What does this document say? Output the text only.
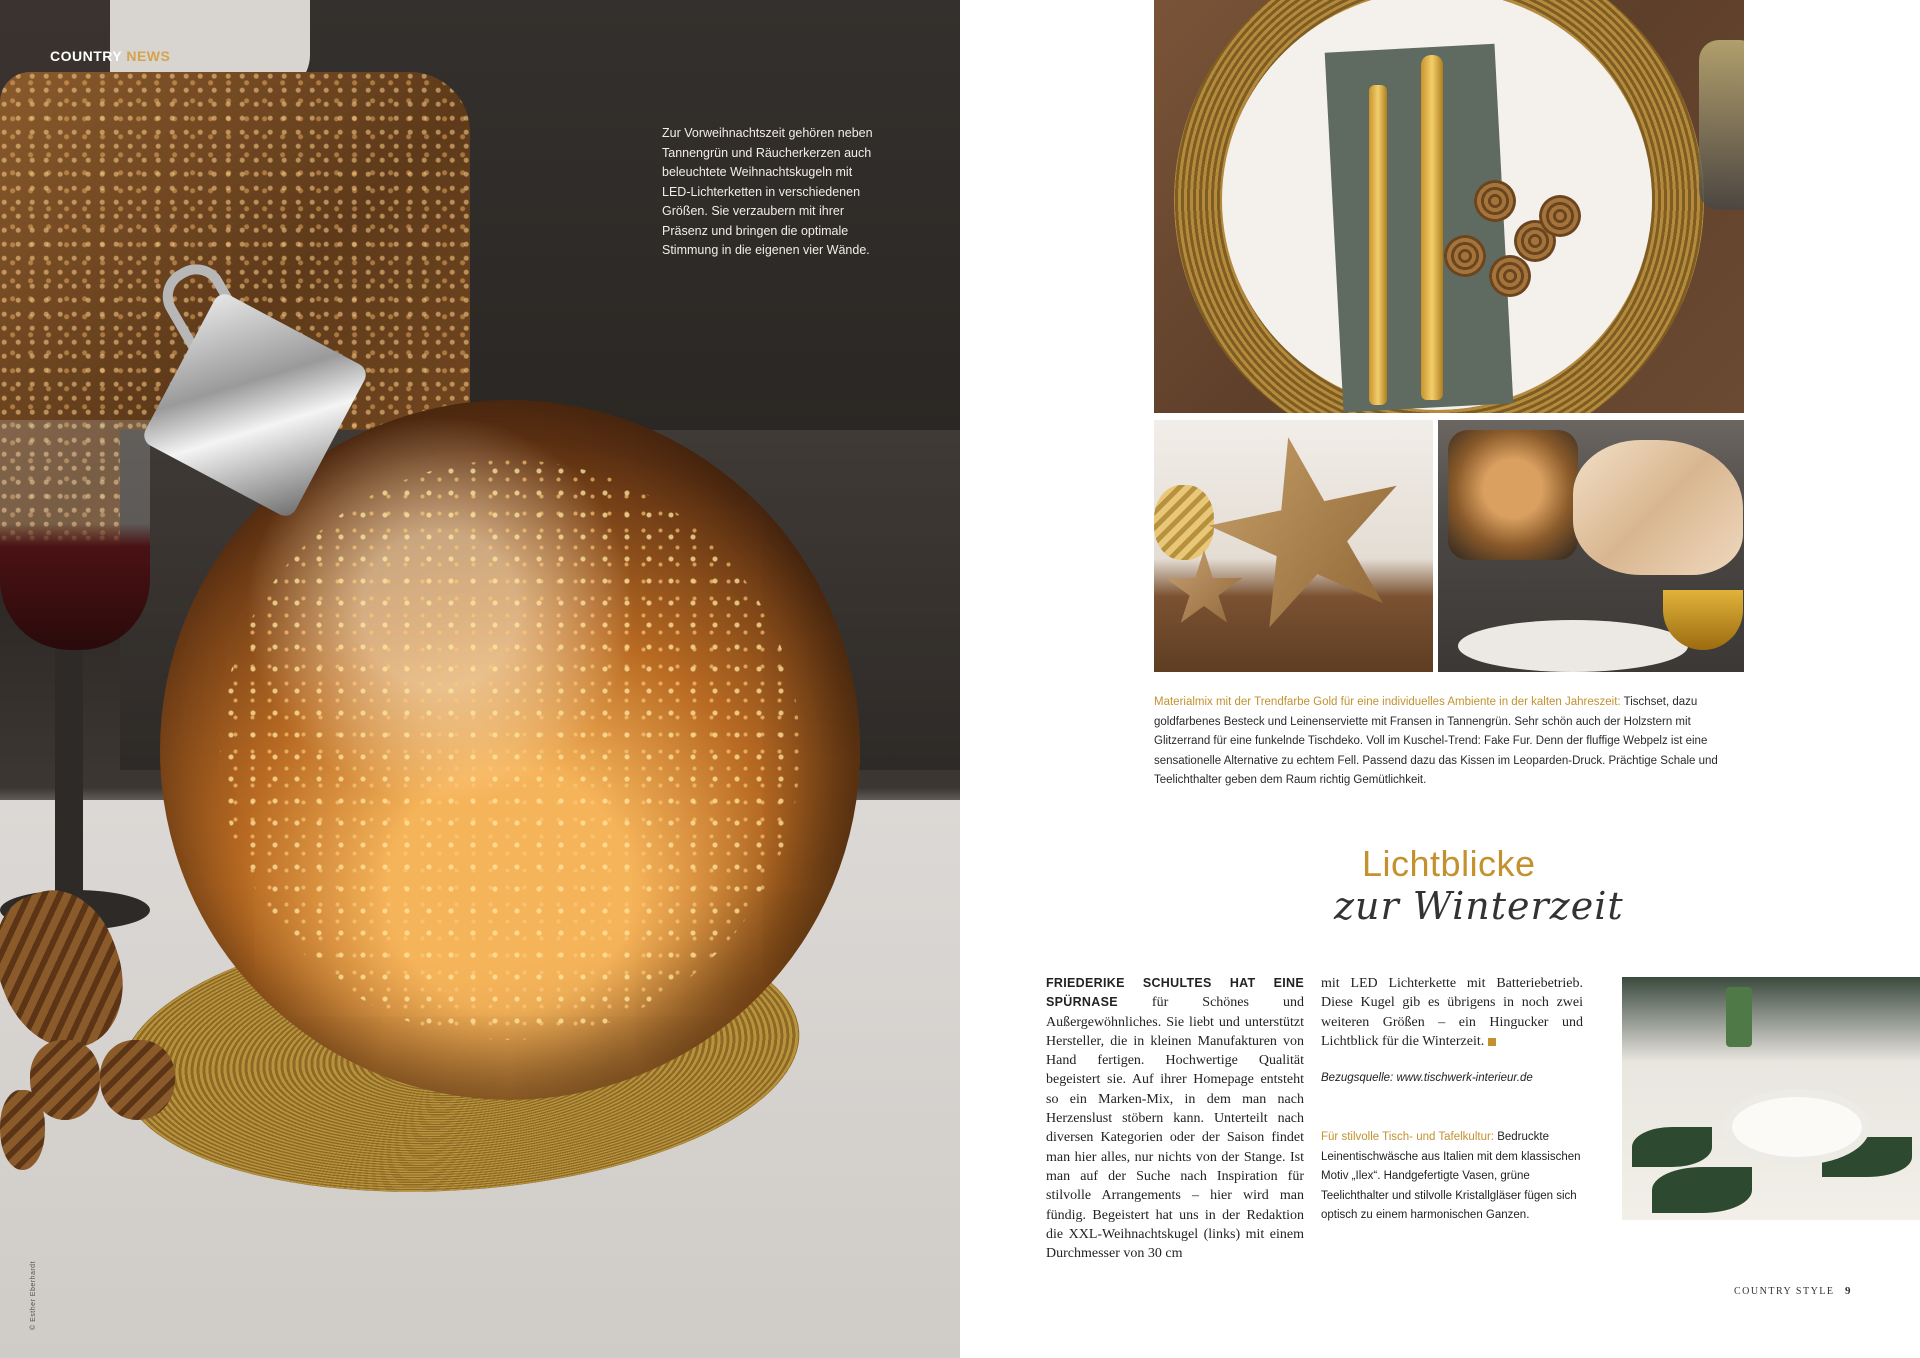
COUNTRY NEWS
Zur Vorweihnachtszeit gehören neben Tannengrün und Räucherkerzen auch beleuchtete Weihnachtskugeln mit LED-Lichterketten in verschiedenen Größen. Sie verzaubern mit ihrer Präsenz und bringen die optimale Stimmung in die eigenen vier Wände.
© Esther Eberhardt
Materialmix mit der Trendfarbe Gold für eine individuelles Ambiente in der kalten Jahreszeit: Tischset, dazu goldfarbenes Besteck und Leinenserviette mit Fransen in Tannengrün. Sehr schön auch der Holzstern mit Glitzerrand für eine funkelnde Tischdeko. Voll im Kuschel-Trend: Fake Fur. Denn der fluffige Webpelz ist eine sensationelle Alternative zu echtem Fell. Passend dazu das Kissen im Leoparden-Druck. Prächtige Schale und Teelichthalter geben dem Raum richtig Gemütlichkeit.
Lichtblicke
zur Winterzeit
FRIEDERIKE SCHULTES HAT EINE SPÜRNASE für Schönes und Außergewöhnliches. Sie liebt und unterstützt Hersteller, die in kleinen Manufakturen von Hand fertigen. Hochwertige Qualität begeistert sie. Auf ihrer Homepage entsteht so ein Marken-Mix, in dem man nach Herzenslust stöbern kann. Unterteilt nach diversen Kategorien oder der Saison findet man hier alles, nur nichts von der Stange. Ist man auf der Suche nach Inspiration für stilvolle Arrangements – hier wird man fündig. Begeistert hat uns in der Redaktion die XXL-Weihnachtskugel (links) mit einem Durchmesser von 30 cm
mit LED Lichterkette mit Batteriebetrieb. Diese Kugel gib es übrigens in noch zwei weiteren Größen – ein Hingucker und Lichtblick für die Winterzeit.
Bezugsquelle: www.tischwerk-interieur.de
Für stilvolle Tisch- und Tafelkultur: Bedruckte Leinentischwäsche aus Italien mit dem klassischen Motiv „Ilex“. Handgefertigte Vasen, grüne Teelichthalter und stilvolle Kristallgläser fügen sich optisch zu einem harmonischen Ganzen.
COUNTRY STYLE 9
